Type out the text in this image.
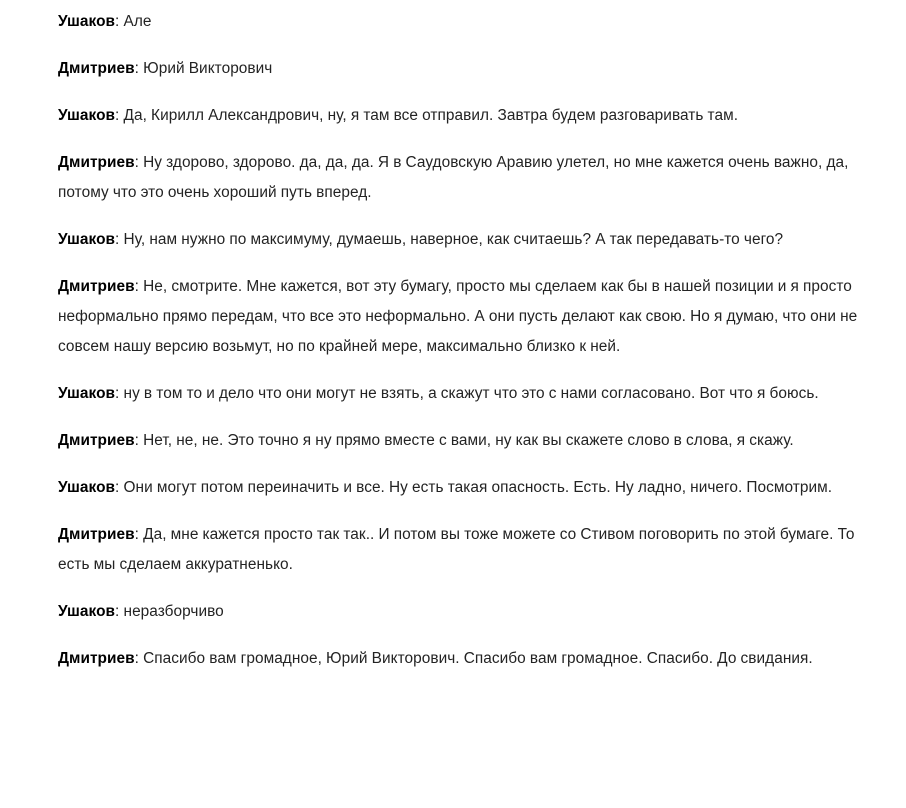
Ушаков: Але

Дмитриев: Юрий Викторович

Ушаков: Да, Кирилл Александрович, ну, я там все отправил. Завтра будем разговаривать там.

Дмитриев: Ну здорово, здорово. да, да, да. Я в Саудовскую Аравию улетел, но мне кажется очень важно, да, потому что это очень хороший путь вперед.

Ушаков: Ну, нам нужно по максимуму, думаешь, наверное, как считаешь? А так передавать-то чего?

Дмитриев: Не, смотрите. Мне кажется, вот эту бумагу, просто мы сделаем как бы в нашей позиции и я просто неформально прямо передам, что все это неформально. А они пусть делают как свою. Но я думаю, что они не совсем нашу версию возьмут, но по крайней мере, максимально близко к ней.

Ушаков: ну в том то и дело что они могут не взять, а скажут что это с нами согласовано. Вот что я боюсь.

Дмитриев: Нет, не, не. Это точно я ну прямо вместе с вами, ну как вы скажете слово в слова, я скажу.

Ушаков: Они могут потом переиначить и все. Ну есть такая опасность. Есть. Ну ладно, ничего. Посмотрим.

Дмитриев: Да, мне кажется просто так так.. И потом вы тоже можете со Стивом поговорить по этой бумаге. То есть мы сделаем аккуратненько.

Ушаков: неразборчиво

Дмитриев: Спасибо вам громадное, Юрий Викторович. Спасибо вам громадное. Спасибо. До свидания.
